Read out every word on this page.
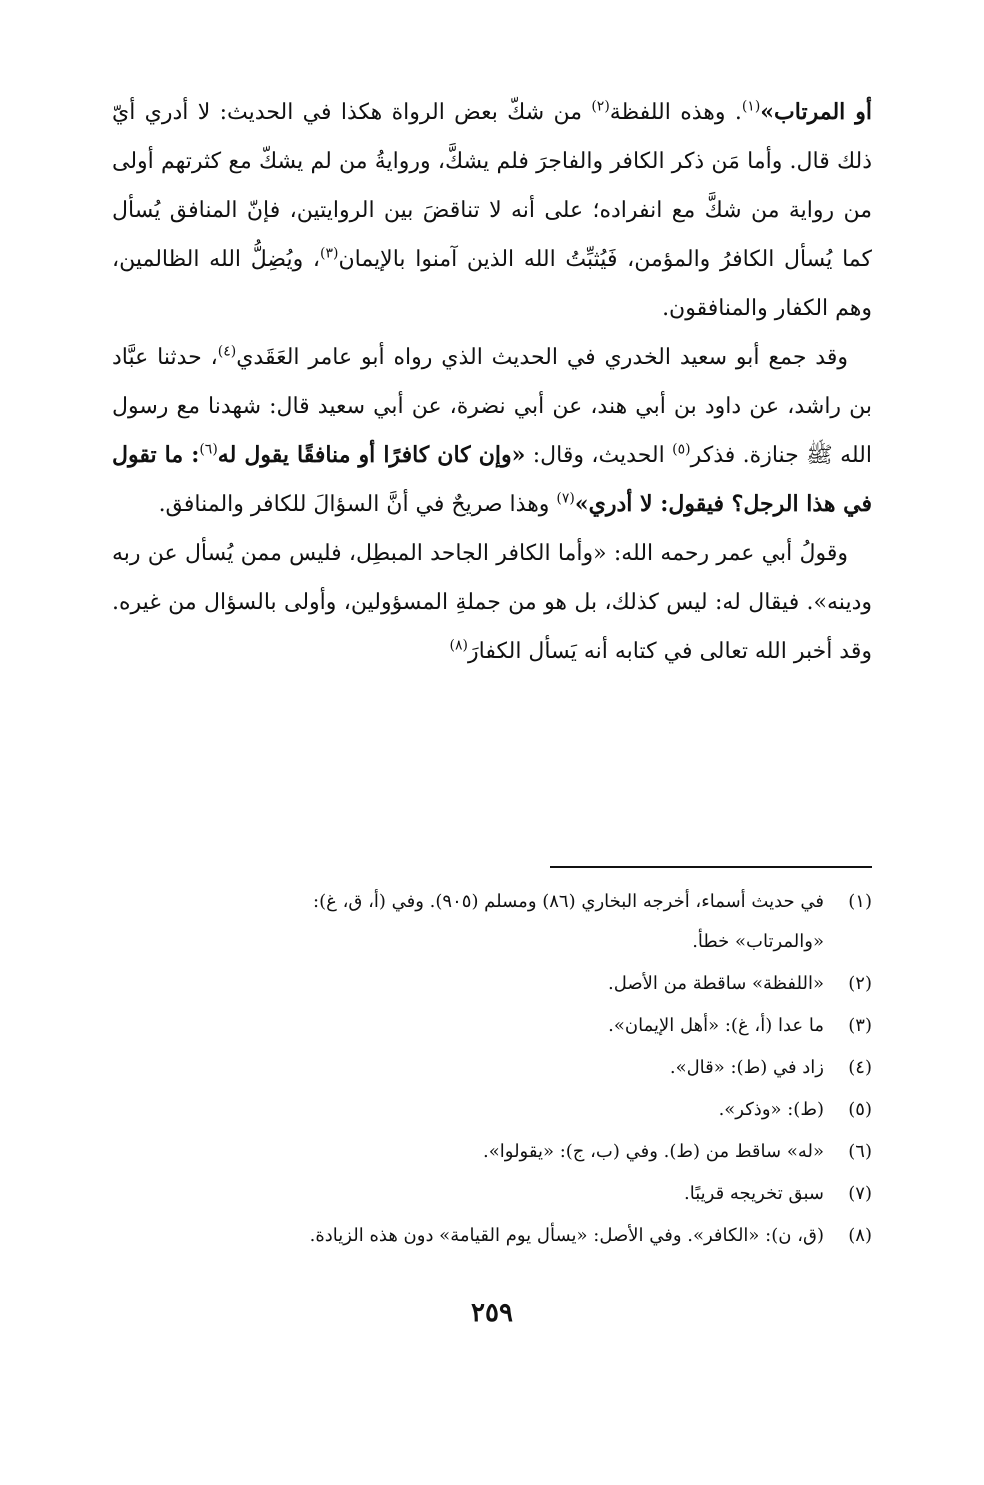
أو المرتاب»$^{(١)}$. وهذه اللفظة$^{(٢)}$ من شكّ بعض الرواة هكذا في الحديث: لا أدري أيّ ذلك قال. وأما مَن ذكر الكافر والفاجرَ فلم يشكَّ، وروايةُ من لم يشكّ مع كثرتهم أولى من رواية من شكَّ مع انفراده؛ على أنه لا تناقضَ بين الروايتين، فإنّ المنافق يُسأل كما يُسأل الكافرُ والمؤمن، فَيُثبِّتُ الله الذين آمنوا بالإيمان$^{(٣)}$، ويُضِلُّ الله الظالمين، وهم الكفار والمنافقون.

وقد جمع أبو سعيد الخدري في الحديث الذي رواه أبو عامر العَقَدي$^{(٤)}$، حدثنا عبَّاد بن راشد، عن داود بن أبي هند، عن أبي نضرة، عن أبي سعيد قال: شهدنا مع رسول الله ﷺ جنازة. فذكر$^{(٥)}$ الحديث، وقال: «وإن كان كافرًا أو منافقًا يقول له$^{(٦)}$: ما تقول في هذا الرجل؟ فيقول: لا أدري»$^{(٧)}$ وهذا صريحٌ في أنَّ السؤالَ للكافر والمنافق.

وقولُ أبي عمر رحمه الله: «وأما الكافر الجاحد المبطِل، فليس ممن يُسأل عن ربه ودينه». فيقال له: ليس كذلك، بل هو من جملةِ المسؤولين، وأولى بالسؤال من غيره. وقد أخبر الله تعالى في كتابه أنه يَسأل الكفارَ$^{(٨)}$

(١)في حديث أسماء، أخرجه البخاري (٨٦) ومسلم (٩٠٥). وفي (أ، ق، غ):
«والمرتاب» خطأ.
(٢)«اللفظة» ساقطة من الأصل.
(٣)ما عدا (أ، غ): «أهل الإيمان».
(٤)زاد في (ط): «قال».
(٥)(ط): «وذكر».
(٦)«له» ساقط من (ط). وفي (ب، ج): «يقولوا».
(٧)سبق تخريجه قريبًا.
(٨)(ق، ن): «الكافر». وفي الأصل: «يسأل يوم القيامة» دون هذه الزيادة.
٢٥٩
